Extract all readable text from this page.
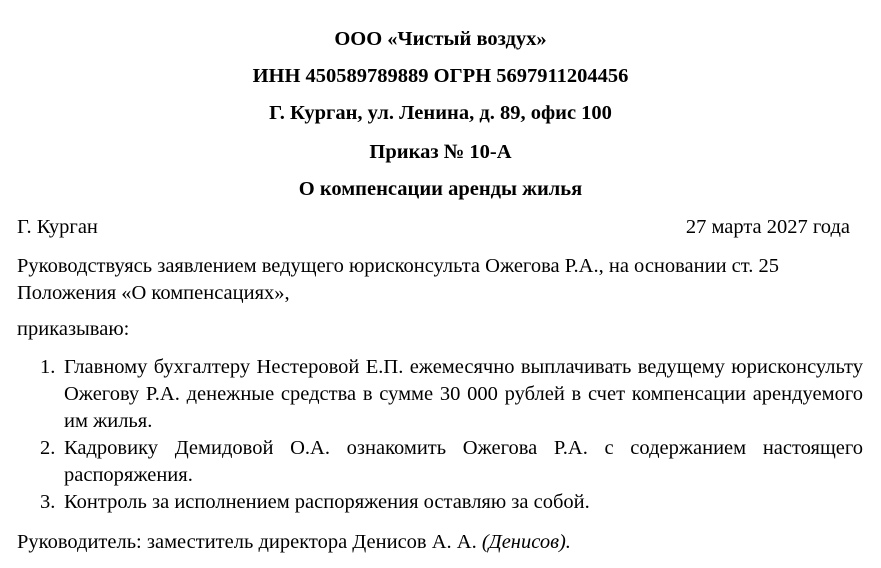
ООО «Чистый воздух»
ИНН 450589789889 ОГРН 5697911204456
Г. Курган, ул. Ленина, д. 89, офис 100
Приказ № 10-А
О компенсации аренды жилья
Г. Курган	27 марта 2027 года
Руководствуясь заявлением ведущего юрисконсульта Ожегова Р.А., на основании ст. 25 Положения «О компенсациях»,
приказываю:
1. Главному бухгалтеру Нестеровой Е.П. ежемесячно выплачивать ведущему юрисконсульту Ожегову Р.А. денежные средства в сумме 30 000 рублей в счет компенсации арендуемого им жилья.
2. Кадровику Демидовой О.А. ознакомить Ожегова Р.А. с содержанием настоящего распоряжения.
3. Контроль за исполнением распоряжения оставляю за собой.
Руководитель: заместитель директора Денисов А. А. (Денисов).
